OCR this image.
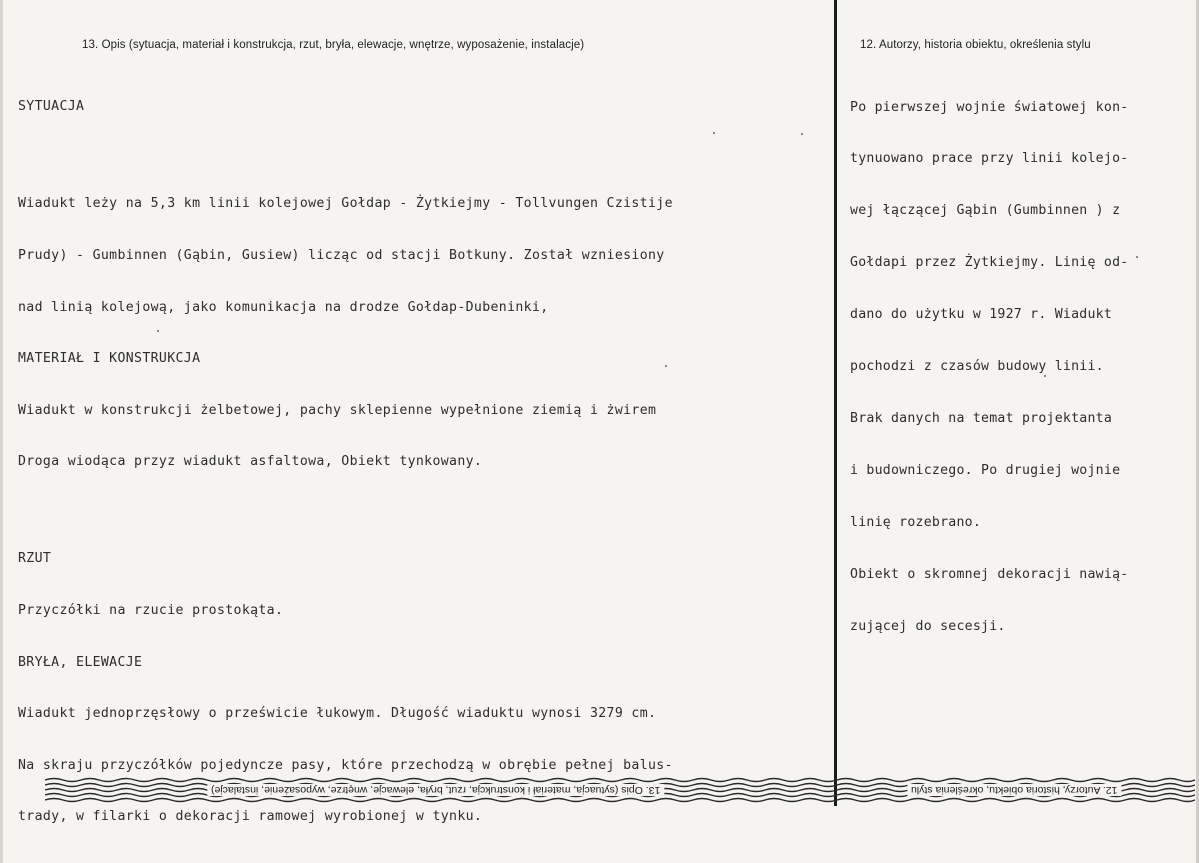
13. Opis (sytuacja, materiał i konstrukcja, rzut, bryła, elewacje, wnętrze, wyposażenie, instalacje)	12. Autorzy, historia obiektu, określenia stylu

SYTUACJA

Wiadukt leży na 5,3 km linii kolejowej Gołdap - Żytkiejmy - Tollvungen Czistije

Prudy) - Gumbinnen (Gąbin, Gusiew) licząc od stacji Botkuny. Został wzniesiony

nad linią kolejową, jako komunikacja na drodze Gołdap-Dubeninki,

MATERIAŁ I KONSTRUKCJA

Wiadukt w konstrukcji żelbetowej, pachy sklepienne wypełnione ziemią i żwirem

Droga wiodąca przyz wiadukt asfaltowa, Obiekt tynkowany.

RZUT

Przyczółki na rzucie prostokąta.

BRYŁA, ELEWACJE

Wiadukt jednoprzęsłowy o prześwicie łukowym. Długość wiaduktu wynosi 3279 cm.

Na skraju przyczółków pojedyncze pasy, które przechodzą w obrębie pełnej balus-

trady, w filarki o dekoracji ramowej wyrobionej w tynku.

Po pierwszej wojnie światowej kon-

tynuowano prace przy linii kolejo-

wej łączącej Gąbin (Gumbinnen ) z

Gołdapi przez Żytkiejmy. Linię od-

dano do użytku w 1927 r. Wiadukt

pochodzi z czasów budowy linii.

Brak danych na temat projektanta

i budowniczego. Po drugiej wojnie

linię rozebrano.

Obiekt o skromnej dekoracji nawią-

zującej do secesji.

13. Opis (sytuacja, materiał i konstrukcja, rzut, bryła, elewacje, wnętrze, wyposażenie, instalacje)	12. Autorzy, historia obiektu, określenia stylu
